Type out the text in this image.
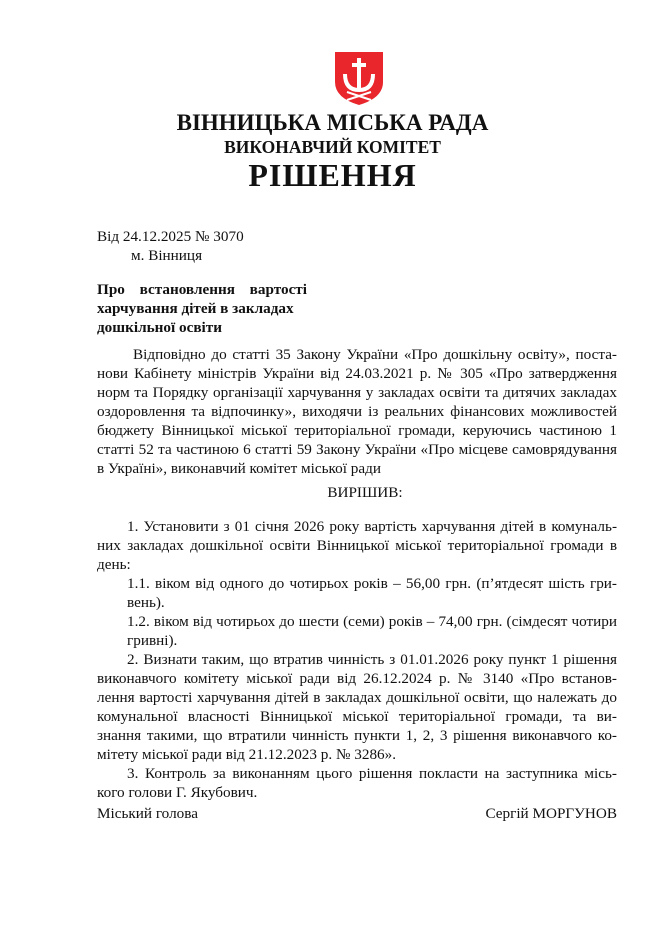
ВІННИЦЬКА МІСЬКА РАДА
ВИКОНАВЧИЙ КОМІТЕТ
РІШЕННЯ
Від 24.12.2025 № 3070
м. Вінниця
Про встановлення вартості
харчування дітей в закладах
дошкільної освіти
Відповідно до статті 35 Закону України «Про дошкільну освіту», поста-
нови Кабінету міністрів України від 24.03.2021 р. № 305 «Про затвердження
норм та Порядку організації харчування у закладах освіти та дитячих закладах
оздоровлення та відпочинку», виходячи із реальних фінансових можливостей
бюджету Вінницької міської територіальної громади, керуючись частиною 1
статті 52 та частиною 6 статті 59 Закону України «Про місцеве самоврядування
в Україні», виконавчий комітет міської ради
ВИРІШИВ:
1. Установити з 01 січня 2026 року вартість харчування дітей в комуналь-
них закладах дошкільної освіти Вінницької міської територіальної громади в
день:
1.1. віком від одного до чотирьох років – 56,00 грн. (п’ятдесят шість гри-
вень).
1.2. віком від чотирьох до шести (семи) років – 74,00 грн. (сімдесят чотири
гривні).
2. Визнати таким, що втратив чинність з 01.01.2026 року пункт 1 рішення
виконавчого комітету міської ради від 26.12.2024 р. № 3140 «Про встанов-
лення вартості харчування дітей в закладах дошкільної освіти, що належать до
комунальної власності Вінницької міської територіальної громади, та ви-
знання такими, що втратили чинність пункти 1, 2, 3 рішення виконавчого ко-
мітету міської ради від 21.12.2023 р. № 3286».
3. Контроль за виконанням цього рішення покласти на заступника місь-
кого голови Г. Якубович.
Міський голова	Сергій МОРГУНОВ
